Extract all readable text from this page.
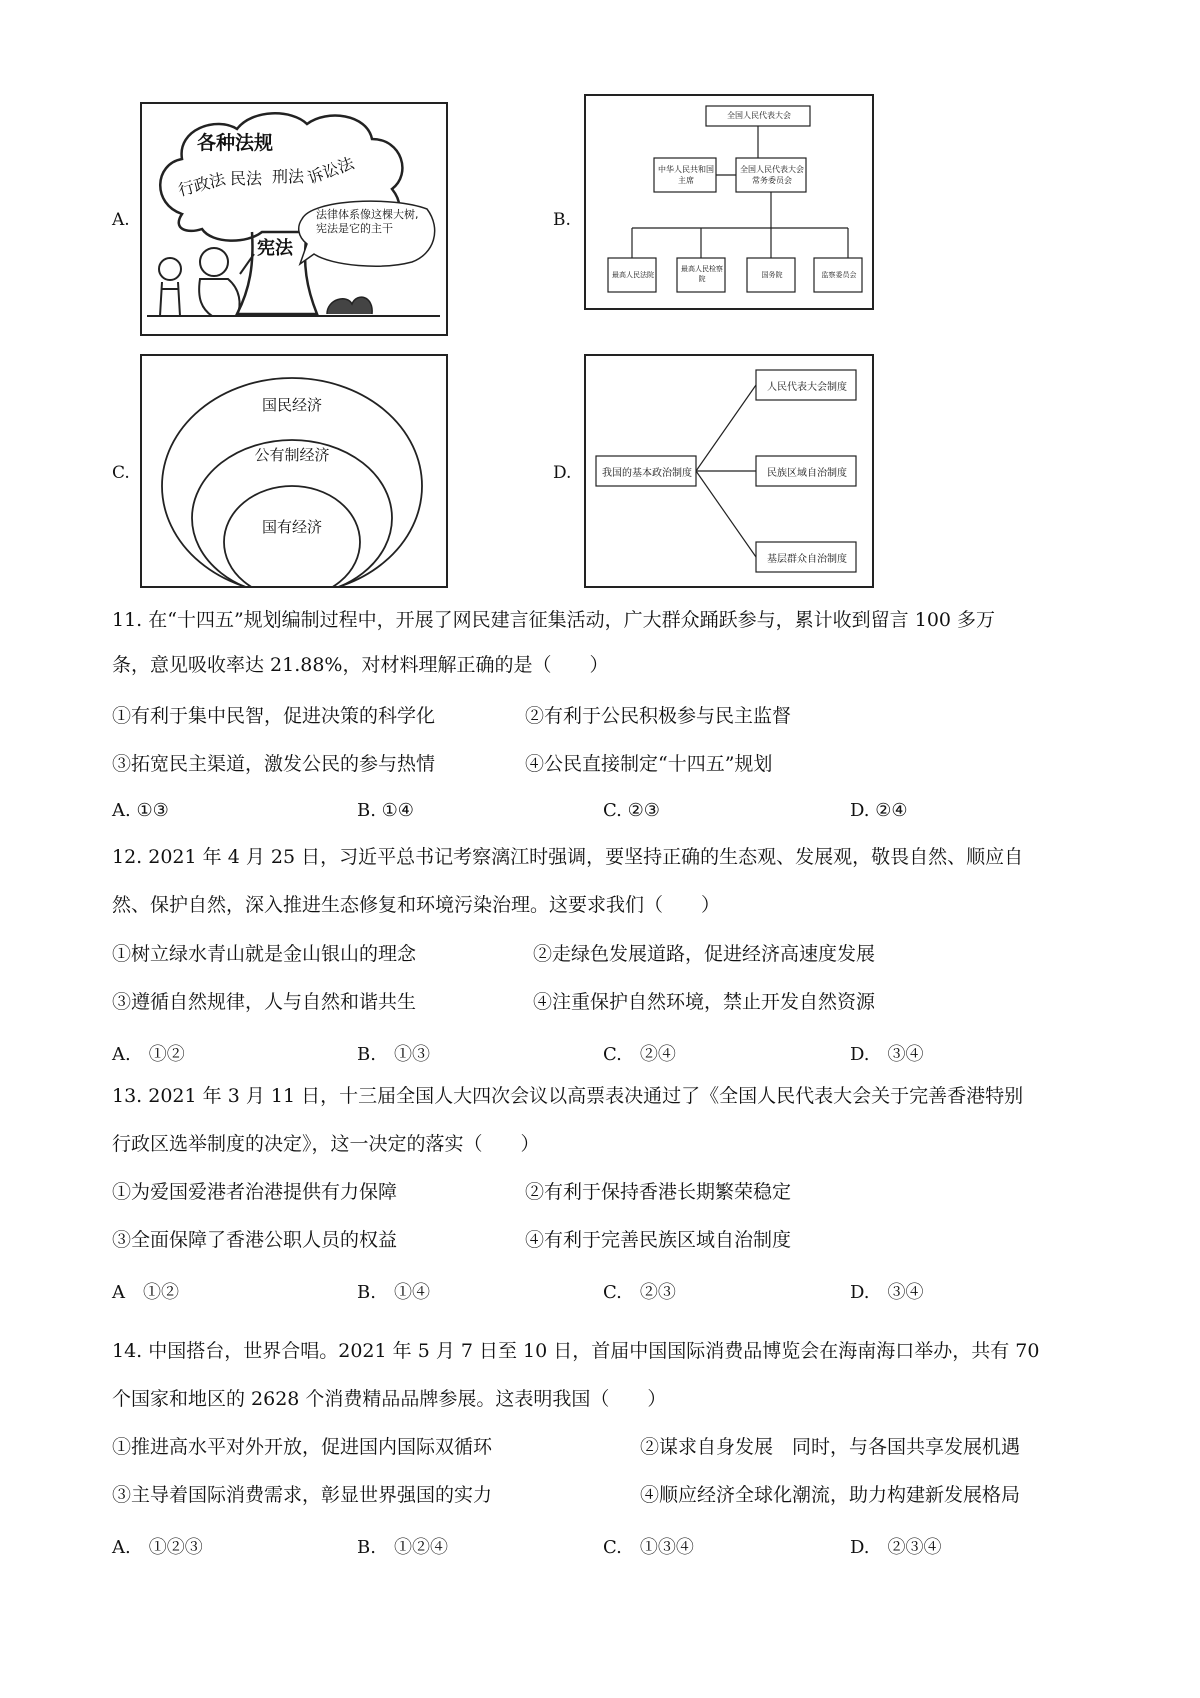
A.
各种法规
行政法 民法 刑法 诉讼法
宪法
法律体系像这棵大树,宪法是它的主干	B.
全国人民代表大会
中华人民共和国主席
全国人民代表大会常务委员会
最高人民法院
最高人民检察院	国务院	监察委员会
C.
国民经济
公有制经济
国有经济
D.	我国的基本政治制度
人民代表大会制度
民族区域自治制度
基层群众自治制度
11. 在“十四五”规划编制过程中，开展了网民建言征集活动，广大群众踊跃参与，累计收到留言 100 多万
条，意见吸收率达 21.88%，对材料理解正确的是（　　）
①有利于集中民智，促进决策的科学化	②有利于公民积极参与民主监督
③拓宽民主渠道，激发公民的参与热情	④公民直接制定“十四五”规划
A. ①③	B. ①④	C. ②③	D. ②④
12. 2021 年 4 月 25 日，习近平总书记考察漓江时强调，要坚持正确的生态观、发展观，敬畏自然、顺应自
然、保护自然，深入推进生态修复和环境污染治理。这要求我们（　　）
①树立绿水青山就是金山银山的理念	②走绿色发展道路，促进经济高速度发展
③遵循自然规律，人与自然和谐共生	④注重保护自然环境，禁止开发自然资源
A.　①②	B.　①③	C.　②④	D.　③④
13. 2021 年 3 月 11 日，十三届全国人大四次会议以高票表决通过了《全国人民代表大会关于完善香港特别
行政区选举制度的决定》，这一决定的落实（　　）
①为爱国爱港者治港提供有力保障	②有利于保持香港长期繁荣稳定
③全面保障了香港公职人员的权益	④有利于完善民族区域自治制度
A　①②	B.　①④	C.　②③	D.　③④
14. 中国搭台，世界合唱。2021 年 5 月 7 日至 10 日，首届中国国际消费品博览会在海南海口举办，共有 70
个国家和地区的 2628 个消费精品品牌参展。这表明我国（　　）
①推进高水平对外开放，促进国内国际双循环	②谋求自身发展　同时，与各国共享发展机遇
③主导着国际消费需求，彰显世界强国的实力	④顺应经济全球化潮流，助力构建新发展格局
A.　①②③	B.　①②④	C.　①③④	D.　②③④
